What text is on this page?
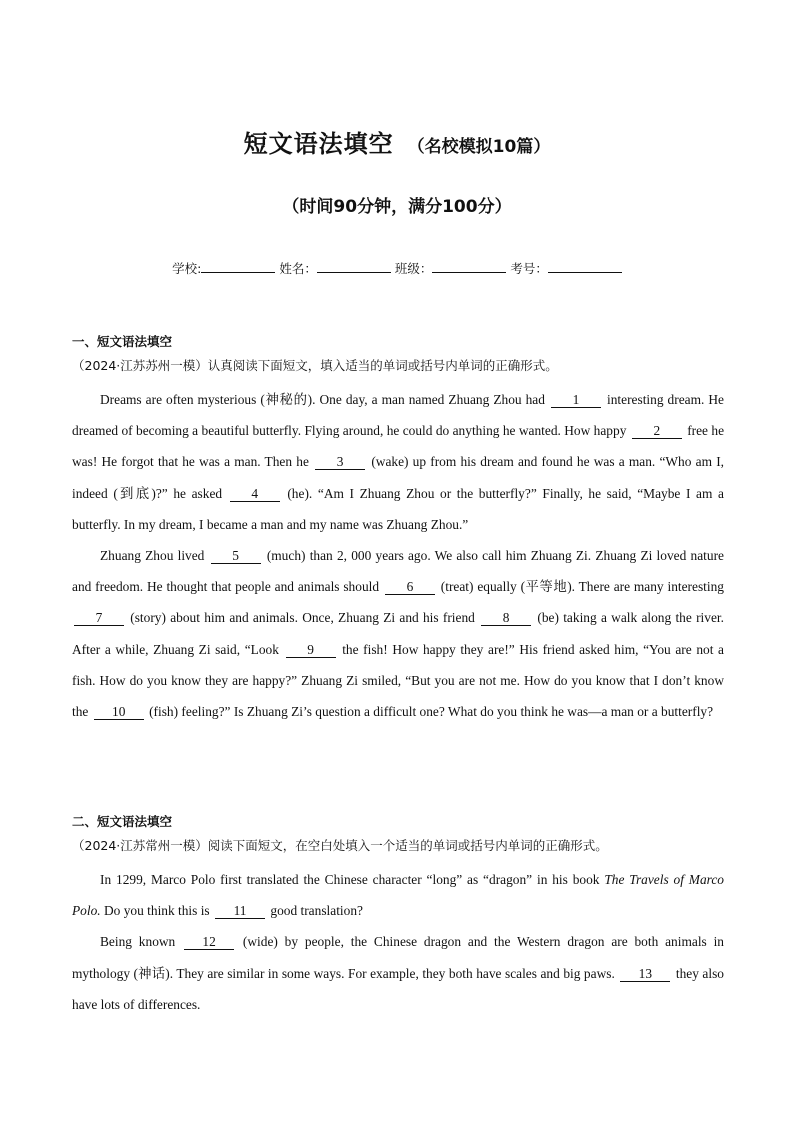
短文语法填空 （名校模拟10篇）
（时间90分钟，满分100分）
学校:	姓名：	班级：	考号：

一、短文语法填空

（2024·江苏苏州一模）认真阅读下面短文，填入适当的单词或括号内单词的正确形式。

Dreams are often mysterious (神秘的). One day, a man named Zhuang Zhou had 1 interesting dream. He dreamed of becoming a beautiful butterfly. Flying around, he could do anything he wanted. How happy 2 free he was! He forgot that he was a man. Then he 3 (wake) up from his dream and found he was a man. “Who am I, indeed (到底)?” he asked 4 (he). “Am I Zhuang Zhou or the butterfly?” Finally, he said, “Maybe I am a butterfly. In my dream, I became a man and my name was Zhuang Zhou.”

Zhuang Zhou lived 5 (much) than 2, 000 years ago. We also call him Zhuang Zi. Zhuang Zi loved nature and freedom. He thought that people and animals should 6 (treat) equally (平等地). There are many interesting 7 (story) about him and animals. Once, Zhuang Zi and his friend 8 (be) taking a walk along the river. After a while, Zhuang Zi said, “Look 9 the fish! How happy they are!” His friend asked him, “You are not a fish. How do you know they are happy?” Zhuang Zi smiled, “But you are not me. How do you know that I don’t know the 10 (fish) feeling?” Is Zhuang Zi’s question a difficult one? What do you think he was—a man or a butterfly?

二、短文语法填空

（2024·江苏常州一模）阅读下面短文，在空白处填入一个适当的单词或括号内单词的正确形式。

In 1299, Marco Polo first translated the Chinese character “long” as “dragon” in his book The Travels of Marco Polo. Do you think this is 11 good translation?

Being known 12 (wide) by people, the Chinese dragon and the Western dragon are both animals in mythology (神话). They are similar in some ways. For example, they both have scales and big paws. 13 they also have lots of differences.
